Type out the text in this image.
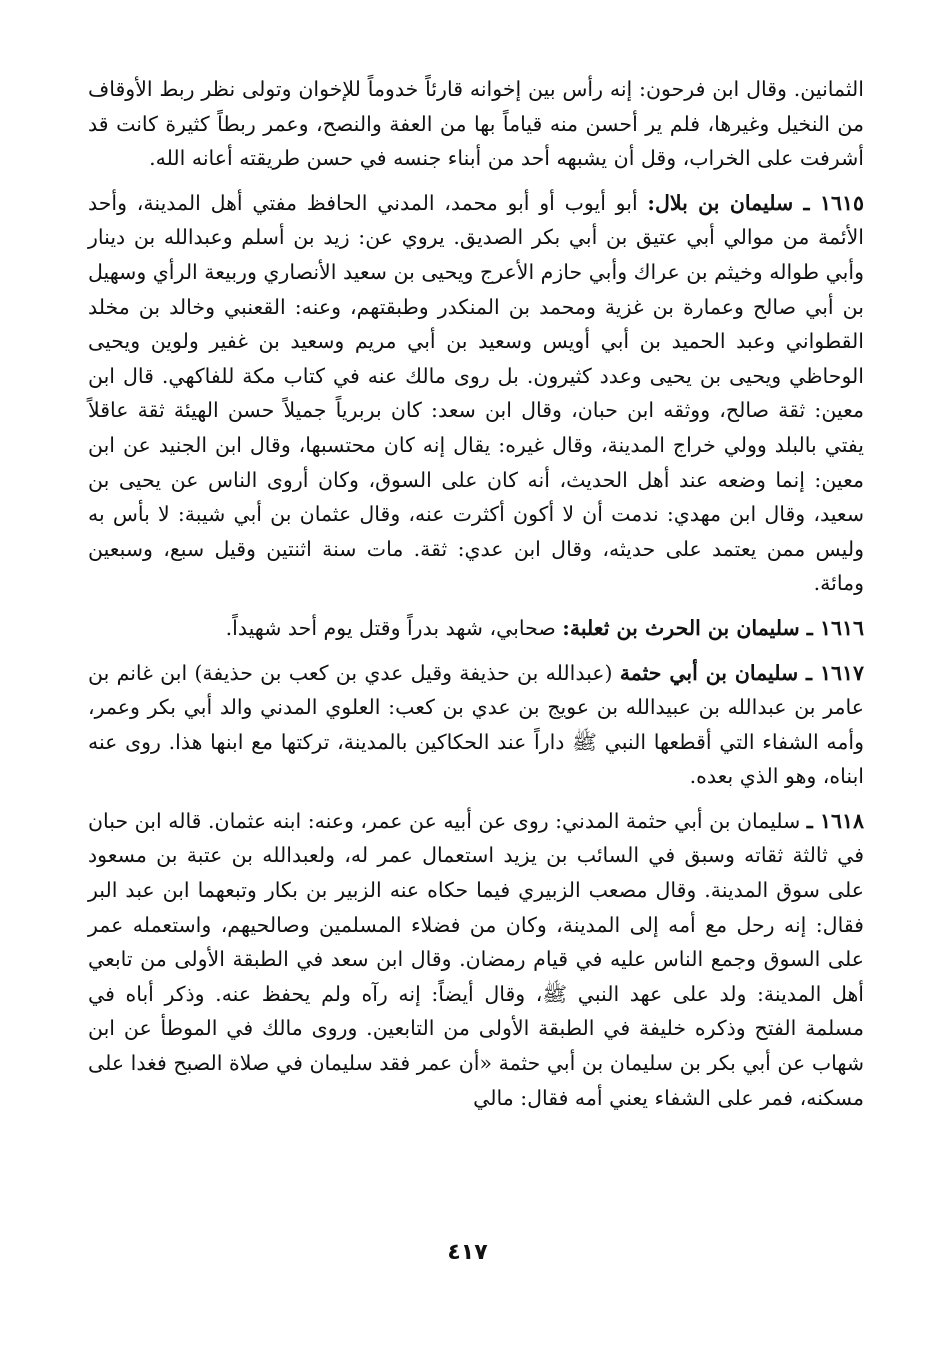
الثمانين. وقال ابن فرحون: إنه رأس بين إخوانه قارئاً خدوماً للإخوان وتولى نظر ربط الأوقاف من النخيل وغيرها، فلم ير أحسن منه قياماً بها من العفة والنصح، وعمر ربطاً كثيرة كانت قد أشرفت على الخراب، وقل أن يشبهه أحد من أبناء جنسه في حسن طريقته أعانه الله.

١٦١٥ ـ سليمان بن بلال: أبو أيوب أو أبو محمد، المدني الحافظ مفتي أهل المدينة، وأحد الأئمة من موالي أبي عتيق بن أبي بكر الصديق. يروي عن: زيد بن أسلم وعبدالله بن دينار وأبي طواله وخيثم بن عراك وأبي حازم الأعرج ويحيى بن سعيد الأنصاري وربيعة الرأي وسهيل بن أبي صالح وعمارة بن غزية ومحمد بن المنكدر وطبقتهم، وعنه: القعنبي وخالد بن مخلد القطواني وعبد الحميد بن أبي أويس وسعيد بن أبي مريم وسعيد بن غفير ولوين ويحيى الوحاظي ويحيى بن يحيى وعدد كثيرون. بل روى مالك عنه في كتاب مكة للفاكهي. قال ابن معين: ثقة صالح، ووثقه ابن حبان، وقال ابن سعد: كان بربرياً جميلاً حسن الهيئة ثقة عاقلاً يفتي بالبلد وولي خراج المدينة، وقال غيره: يقال إنه كان محتسبها، وقال ابن الجنيد عن ابن معين: إنما وضعه عند أهل الحديث، أنه كان على السوق، وكان أروى الناس عن يحيى بن سعيد، وقال ابن مهدي: ندمت أن لا أكون أكثرت عنه، وقال عثمان بن أبي شيبة: لا بأس به وليس ممن يعتمد على حديثه، وقال ابن عدي: ثقة. مات سنة اثنتين وقيل سبع، وسبعين ومائة.

١٦١٦ ـ سليمان بن الحرث بن ثعلبة: صحابي، شهد بدراً وقتل يوم أحد شهيداً.

١٦١٧ ـ سليمان بن أبي حثمة (عبدالله بن حذيفة وقيل عدي بن كعب بن حذيفة) ابن غانم بن عامر بن عبدالله بن عبيدالله بن عويج بن عدي بن كعب: العلوي المدني والد أبي بكر وعمر، وأمه الشفاء التي أقطعها النبي ﷺ داراً عند الحكاكين بالمدينة، تركتها مع ابنها هذا. روى عنه ابناه، وهو الذي بعده.

١٦١٨ ـ سليمان بن أبي حثمة المدني: روى عن أبيه عن عمر، وعنه: ابنه عثمان. قاله ابن حبان في ثالثة ثقاته وسبق في السائب بن يزيد استعمال عمر له، ولعبدالله بن عتبة بن مسعود على سوق المدينة. وقال مصعب الزبيري فيما حكاه عنه الزبير بن بكار وتبعهما ابن عبد البر فقال: إنه رحل مع أمه إلى المدينة، وكان من فضلاء المسلمين وصالحيهم، واستعمله عمر على السوق وجمع الناس عليه في قيام رمضان. وقال ابن سعد في الطبقة الأولى من تابعي أهل المدينة: ولد على عهد النبي ﷺ، وقال أيضاً: إنه رآه ولم يحفظ عنه. وذكر أباه في مسلمة الفتح وذكره خليفة في الطبقة الأولى من التابعين. وروى مالك في الموطأ عن ابن شهاب عن أبي بكر بن سليمان بن أبي حثمة «أن عمر فقد سليمان في صلاة الصبح فغدا على مسكنه، فمر على الشفاء يعني أمه فقال: مالي

٤١٧
